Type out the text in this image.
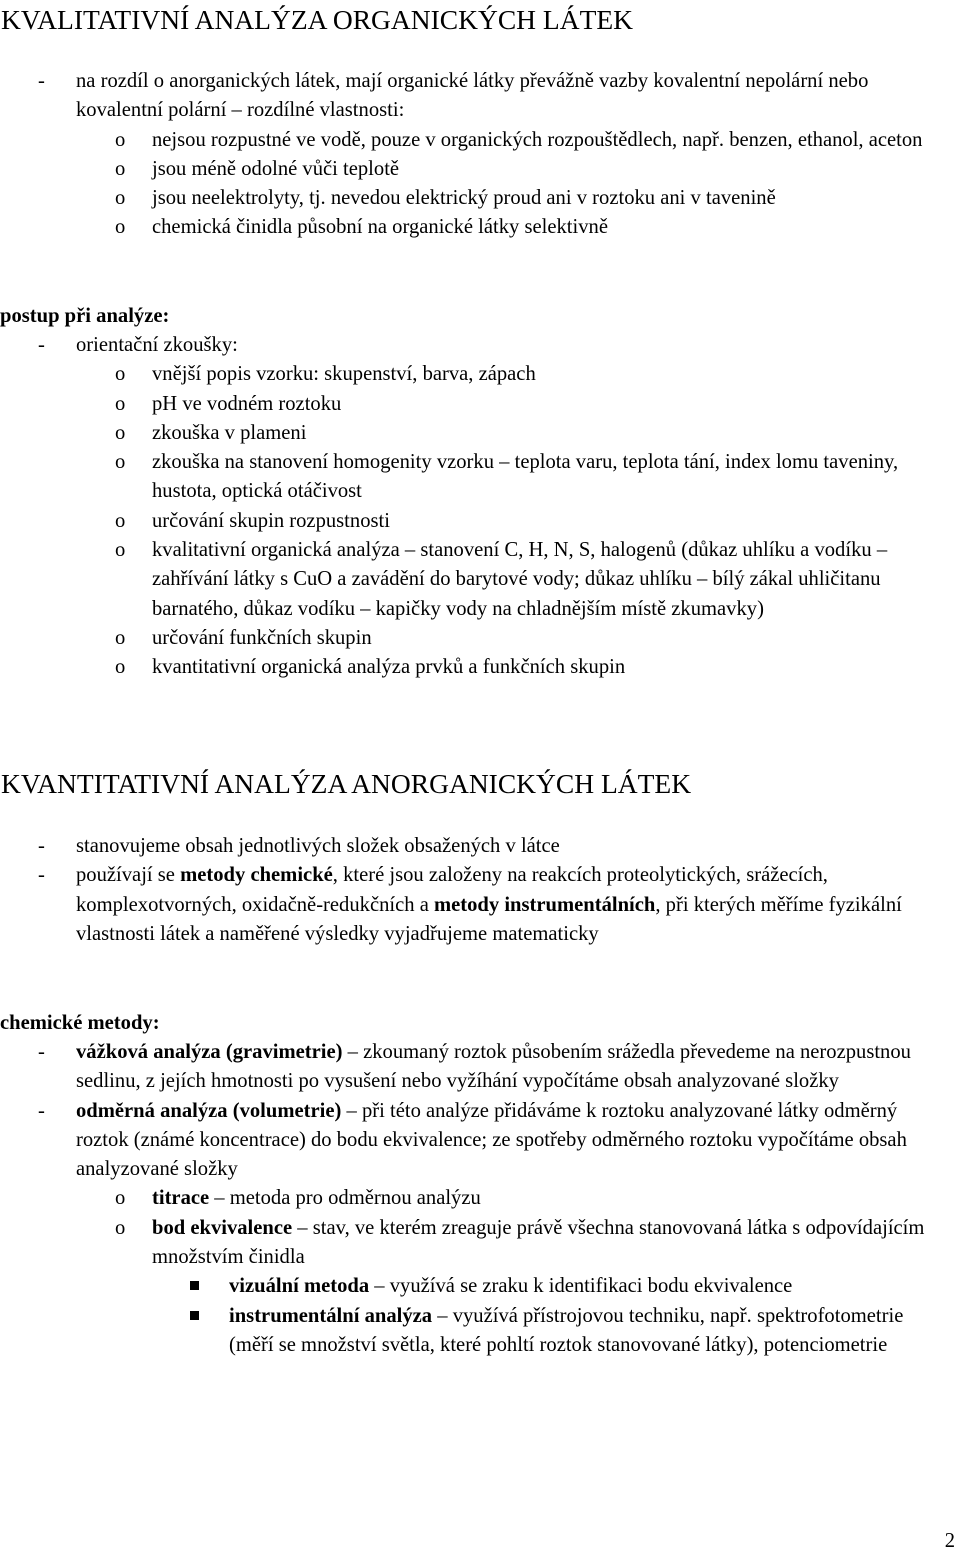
KVALITATIVNÍ ANALÝZA ORGANICKÝCH LÁTEK
- na rozdíl o anorganických látek, mají organické látky převážně vazby kovalentní nepolární nebo kovalentní polární – rozdílné vlastnosti:
o nejsou rozpustné ve vodě, pouze v organických rozpouštědlech, např. benzen, ethanol, aceton
o jsou méně odolné vůči teplotě
o jsou neelektrolyty, tj. nevedou elektrický proud ani v roztoku ani v tavenině
o chemická činidla působní na organické látky selektivně
postup při analýze:
- orientační zkoušky:
o vnější popis vzorku: skupenství, barva, zápach
o pH ve vodném roztoku
o zkouška v plameni
o zkouška na stanovení homogenity vzorku – teplota varu, teplota tání, index lomu taveniny, hustota, optická otáčivost
o určování skupin rozpustnosti
o kvalitativní organická analýza – stanovení C, H, N, S, halogenů (důkaz uhlíku a vodíku – zahřívání látky s CuO a zavádění do barytové vody; důkaz uhlíku – bílý zákal uhličitanu barnatého, důkaz vodíku – kapičky vody na chladnějším místě zkumavky)
o určování funkčních skupin
o kvantitativní organická analýza prvků a funkčních skupin
KVANTITATIVNÍ ANALÝZA ANORGANICKÝCH LÁTEK
- stanovujeme obsah jednotlivých složek obsažených v látce
- používají se metody chemické, které jsou založeny na reakcích proteolytických, srážecích, komplexotvorných, oxidačně-redukčních a metody instrumentálních, při kterých měříme fyzikální vlastnosti látek a naměřené výsledky vyjadřujeme matematicky
chemické metody:
- vážková analýza (gravimetrie) – zkoumaný roztok působením srážedla převedeme na nerozpustnou sedlinu, z jejích hmotnosti po vysušení nebo vyžíhání vypočítáme obsah analyzované složky
- odměrná analýza (volumetrie) – při této analýze přidáváme k roztoku analyzované látky odměrný roztok (známé koncentrace) do bodu ekvivalence; ze spotřeby odměrného roztoku vypočítáme obsah analyzované složky
o titrace – metoda pro odměrnou analýzu
o bod ekvivalence – stav, ve kterém zreaguje právě všechna stanovovaná látka s odpovídajícím množstvím činidla
vizuální metoda – využívá se zraku k identifikaci bodu ekvivalence
instrumentální analýza – využívá přístrojovou techniku, např. spektrofotometrie (měří se množství světla, které pohltí roztok stanovované látky), potenciometrie
2
